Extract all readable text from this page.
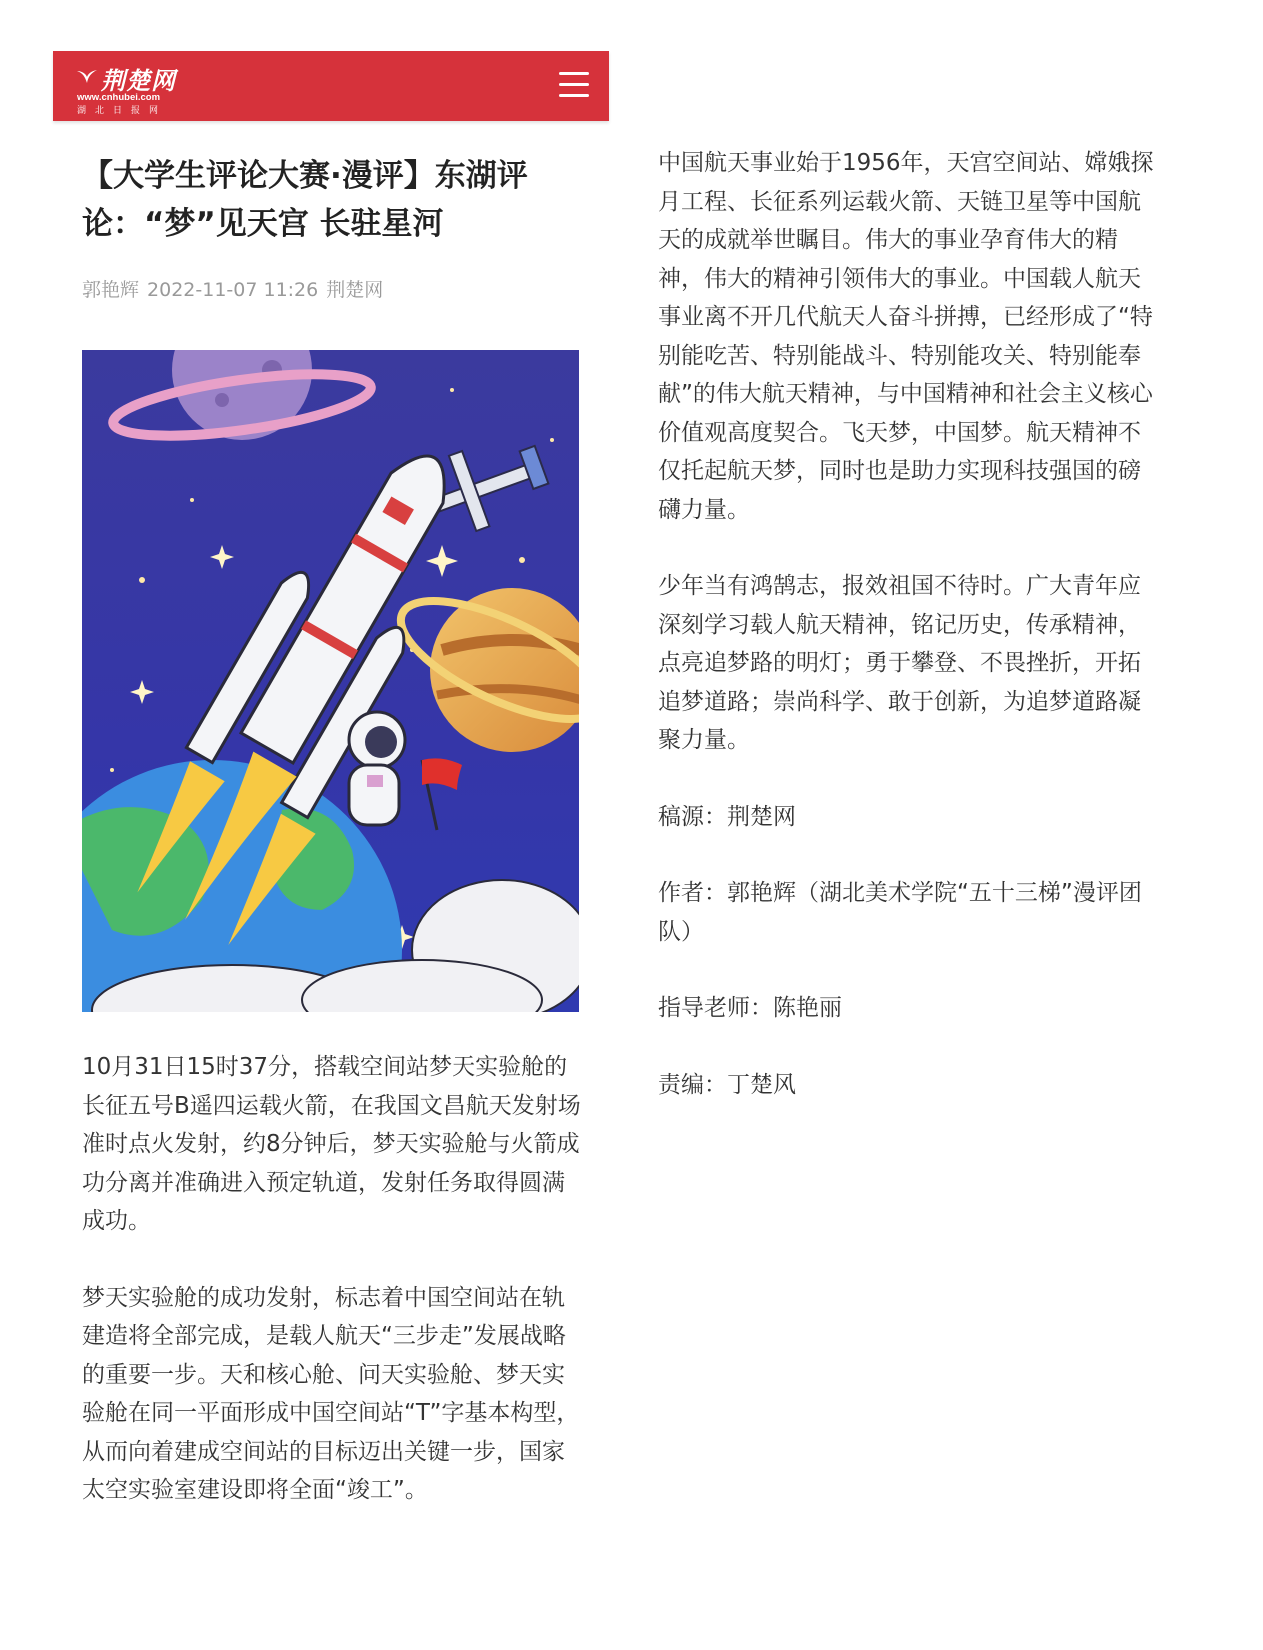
荆楚网
www.cnhubei.com
湖北日报网
【大学生评论大赛·漫评】东湖评论：“梦”见天宫 长驻星河
郭艳辉 2022-11-07 11:26 荆楚网

10月31日15时37分，搭载空间站梦天实验舱的长征五号B遥四运载火箭，在我国文昌航天发射场准时点火发射，约8分钟后，梦天实验舱与火箭成功分离并准确进入预定轨道，发射任务取得圆满成功。

梦天实验舱的成功发射，标志着中国空间站在轨建造将全部完成，是载人航天“三步走”发展战略的重要一步。天和核心舱、问天实验舱、梦天实验舱在同一平面形成中国空间站“T”字基本构型，从而向着建成空间站的目标迈出关键一步，国家太空实验室建设即将全面“竣工”。

中国航天事业始于1956年，天宫空间站、嫦娥探月工程、长征系列运载火箭、天链卫星等中国航天的成就举世瞩目。伟大的事业孕育伟大的精神，伟大的精神引领伟大的事业。中国载人航天事业离不开几代航天人奋斗拼搏，已经形成了“特别能吃苦、特别能战斗、特别能攻关、特别能奉献”的伟大航天精神，与中国精神和社会主义核心价值观高度契合。飞天梦，中国梦。航天精神不仅托起航天梦，同时也是助力实现科技强国的磅礴力量。

少年当有鸿鹄志，报效祖国不待时。广大青年应深刻学习载人航天精神，铭记历史，传承精神，点亮追梦路的明灯；勇于攀登、不畏挫折，开拓追梦道路；崇尚科学、敢于创新，为追梦道路凝聚力量。

稿源：荆楚网

作者：郭艳辉（湖北美术学院“五十三梯”漫评团队）

指导老师：陈艳丽

责编：丁楚风
